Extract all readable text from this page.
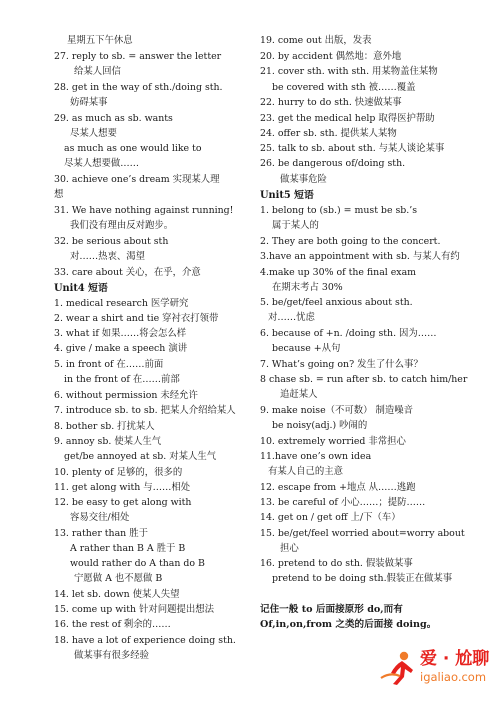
星期五下午休息
27. reply to sb. = answer the letter
给某人回信
28. get in the way of sth./doing sth.
妨碍某事
29. as much as sb. wants
尽某人想要
as much as one would like to
尽某人想要做……
30. achieve one’s dream 实现某人理
想
31. We have nothing against running!
我们没有理由反对跑步。
32. be serious about sth
对……热衷、渴望
33. care about 关心，在乎，介意
Unit4 短语
1. medical research 医学研究
2. wear a shirt and tie 穿衬衣打领带
3. what if 如果……将会怎么样
4. give / make a speech 演讲
5. in front of 在……前面
in the front of 在……前部
6. without permission 未经允许
7. introduce sb. to sb. 把某人介绍给某人
8. bother sb. 打扰某人
9. annoy sb. 使某人生气
get/be annoyed at sb. 对某人生气
10. plenty of 足够的，很多的
11. get along with 与……相处
12. be easy to get along with
容易交往/相处
13. rather than 胜于
A rather than B A 胜于 B
would rather do A than do B
宁愿做 A 也不愿做 B
14. let sb. down 使某人失望
15. come up with 针对问题提出想法
16. the rest of 剩余的……
18. have a lot of experience doing sth.
做某事有很多经验
19. come out 出版，发表
20. by accident 偶然地：意外地
21. cover sth. with sth. 用某物盖住某物
be covered with sth 被……覆盖
22. hurry to do sth. 快速做某事
23. get the medical help 取得医护帮助
24. offer sb. sth. 提供某人某物
25. talk to sb. about sth. 与某人谈论某事
26. be dangerous of/doing sth.
做某事危险
Unit5 短语
1. belong to (sb.) = must be sb.’s
属于某人的
2. They are both going to the concert.
3.have an appointment with sb. 与某人有约
4.make up 30% of the final exam
在期末考占 30%
5. be/get/feel anxious about sth.
对……忧虑
6. because of +n. /doing sth. 因为……
because +从句
7. What’s going on? 发生了什么事？
8 chase sb. = run after sb. to catch him/her
追赶某人
9. make noise（不可数） 制造噪音
be noisy(adj.) 吵闹的
10. extremely worried 非常担心
11.have one’s own idea
有某人自己的主意
12. escape from +地点 从……逃跑
13. be careful of 小心……；提防……
14. get on / get off 上/下（车）
15. be/get/feel worried about=worry about
担心
16. pretend to do sth. 假装做某事
pretend to be doing sth.假装正在做某事
记住一般 to 后面接原形 do,而有
Of,in,on,from 之类的后面接 doing。
爱 · 尬聊
igaliao.com
